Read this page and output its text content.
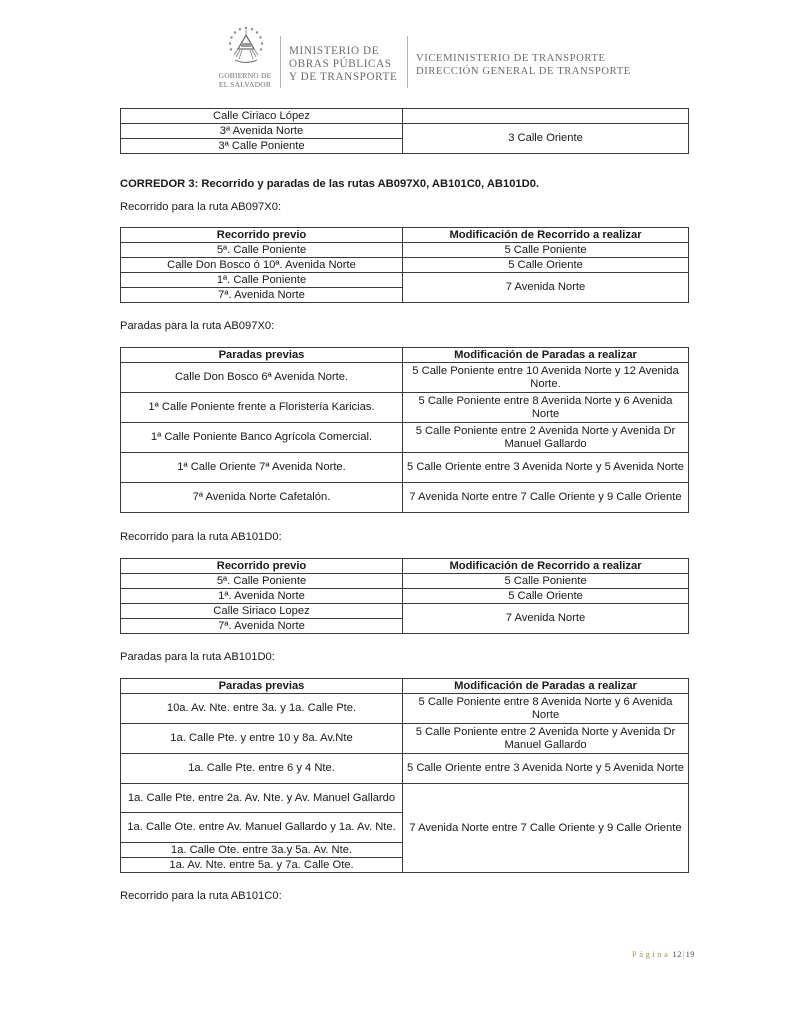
GOBIERNO DE
EL SALVADOR
MINISTERIO DE
OBRAS PÚBLICAS
Y DE TRANSPORTE
VICEMINISTERIO DE TRANSPORTE
DIRECCIÓN GENERAL DE TRANSPORTE
Calle Ciriaco López	
3ª Avenida Norte	3 Calle Oriente
3ª Calle Poniente	
CORREDOR 3: Recorrido y paradas de las rutas AB097X0, AB101C0, AB101D0.
Recorrido para la ruta AB097X0:
Recorrido previo	Modificación de Recorrido a realizar
5ª. Calle Poniente	5 Calle Poniente
Calle Don Bosco ó 10ª. Avenida Norte	5 Calle Oriente
1ª. Calle Poniente	7 Avenida Norte
7ª. Avenida Norte	
Paradas para la ruta AB097X0:
Paradas previas	Modificación de Paradas a realizar
Calle Don Bosco 6ª Avenida Norte.	5 Calle Poniente entre 10 Avenida Norte y 12 Avenida Norte.
1ª Calle Poniente frente a Floristería Karicias.	5 Calle Poniente entre 8 Avenida Norte y 6 Avenida Norte
1ª Calle Poniente Banco Agrícola Comercial.	5 Calle Poniente entre 2 Avenida Norte y Avenida Dr Manuel Gallardo
1ª Calle Oriente 7ª Avenida Norte.	5 Calle Oriente entre 3 Avenida Norte y 5 Avenida Norte
7ª Avenida Norte Cafetalón.	7 Avenida Norte entre 7 Calle Oriente y 9 Calle Oriente
Recorrido para la ruta AB101D0:
Recorrido previo	Modificación de Recorrido a realizar
5ª. Calle Poniente	5 Calle Poniente
1ª. Avenida Norte	5 Calle Oriente
Calle Siriaco Lopez	7 Avenida Norte
7ª. Avenida Norte	
Paradas para la ruta AB101D0:
Paradas previas	Modificación de Paradas a realizar
10a. Av. Nte. entre 3a. y 1a. Calle Pte.	5 Calle Poniente entre 8 Avenida Norte y 6 Avenida Norte
1a. Calle Pte. y entre 10 y 8a. Av.Nte	5 Calle Poniente entre 2 Avenida Norte y Avenida Dr Manuel Gallardo
1a. Calle Pte. entre 6 y 4 Nte.	5 Calle Oriente entre 3 Avenida Norte y 5 Avenida Norte
1a. Calle Pte. entre 2a. Av. Nte. y Av. Manuel Gallardo	7 Avenida Norte entre 7 Calle Oriente y 9 Calle Oriente
1a. Calle Ote. entre Av. Manuel Gallardo y 1a. Av. Nte.	
1a. Calle Ote. entre 3a.y 5a. Av. Nte.	
1a. Av. Nte. entre 5a. y 7a. Calle Ote.	
Recorrido para la ruta AB101C0:
Página 12|19
